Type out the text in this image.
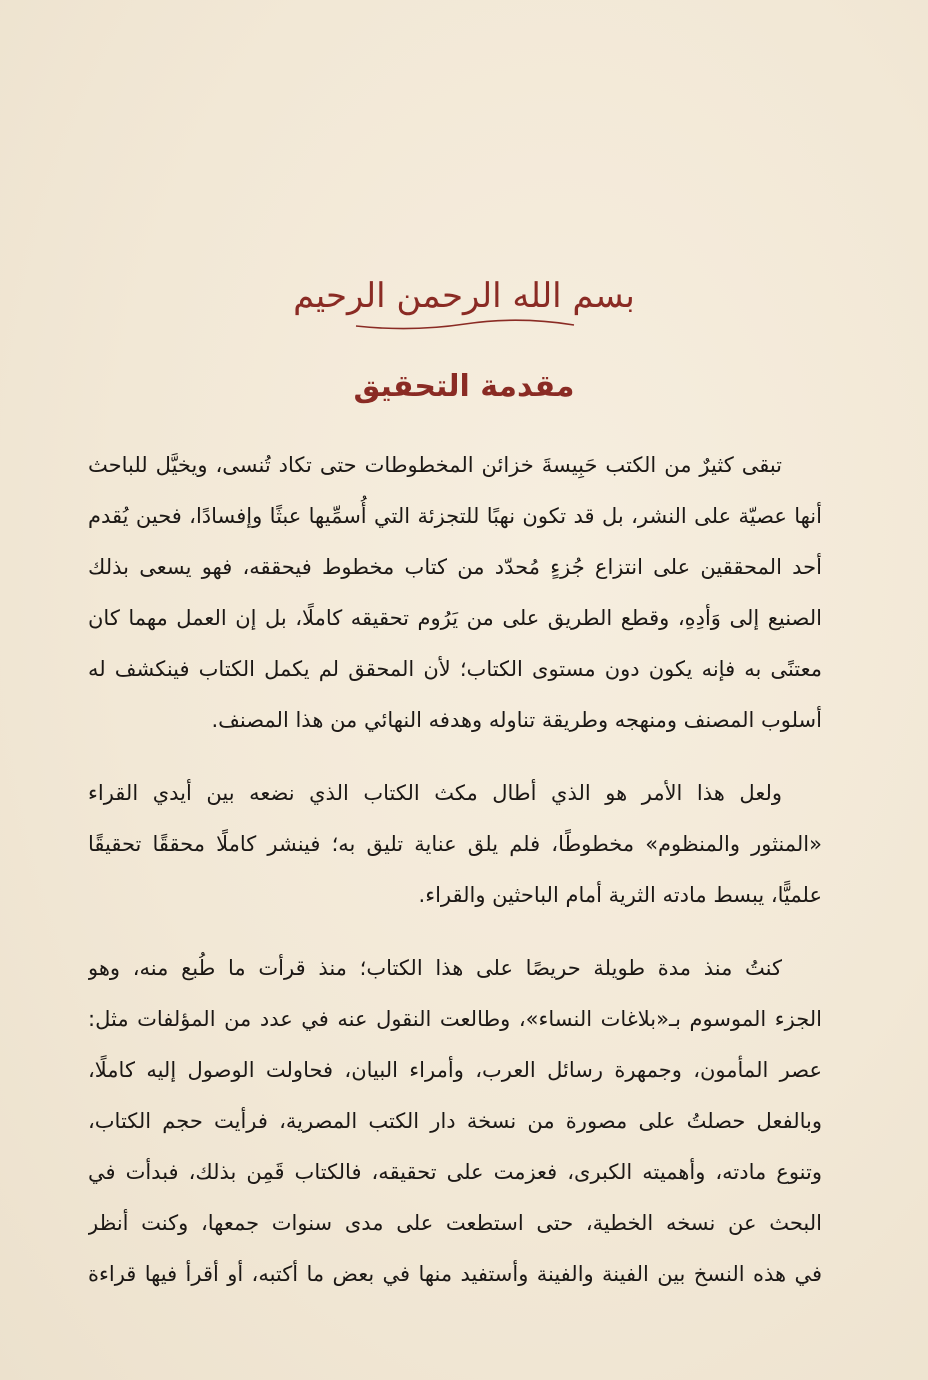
بسم الله الرحمن الرحيم
مقدمة التحقيق
تبقى كثيرٌ من الكتب حَبِيسةَ خزائن المخطوطات حتى تكاد تُنسى، ويخيَّل للباحث
أنها عصيّة على النشر، بل قد تكون نهبًا للتجزئة التي أُسمِّيها عبثًا وإفسادًا، فحين يُقدم
أحد المحققين على انتزاع جُزءٍ مُحدّد من كتاب مخطوط فيحققه، فهو يسعى بذلك
الصنيع إلى وَأدِهِ، وقطع الطريق على من يَرُوم تحقيقه كاملًا، بل إن العمل مهما كان
معتنًى به فإنه يكون دون مستوى الكتاب؛ لأن المحقق لم يكمل الكتاب فينكشف له
أسلوب المصنف ومنهجه وطريقة تناوله وهدفه النهائي من هذا المصنف.
ولعل هذا الأمر هو الذي أطال مكث الكتاب الذي نضعه بين أيدي القراء
«المنثور والمنظوم» مخطوطًا، فلم يلق عناية تليق به؛ فينشر كاملًا محققًا تحقيقًا
علميًّا، يبسط مادته الثرية أمام الباحثين والقراء.
كنتُ منذ مدة طويلة حريصًا على هذا الكتاب؛ منذ قرأت ما طُبع منه، وهو
الجزء الموسوم بـ«بلاغات النساء»، وطالعت النقول عنه في عدد من المؤلفات مثل:
عصر المأمون، وجمهرة رسائل العرب، وأمراء البيان، فحاولت الوصول إليه كاملًا،
وبالفعل حصلتُ على مصورة من نسخة دار الكتب المصرية، فرأيت حجم الكتاب،
وتنوع مادته، وأهميته الكبرى، فعزمت على تحقيقه، فالكتاب قَمِن بذلك، فبدأت في
البحث عن نسخه الخطية، حتى استطعت على مدى سنوات جمعها، وكنت أنظر
في هذه النسخ بين الفينة والفينة وأستفيد منها في بعض ما أكتبه، أو أقرأ فيها قراءة
